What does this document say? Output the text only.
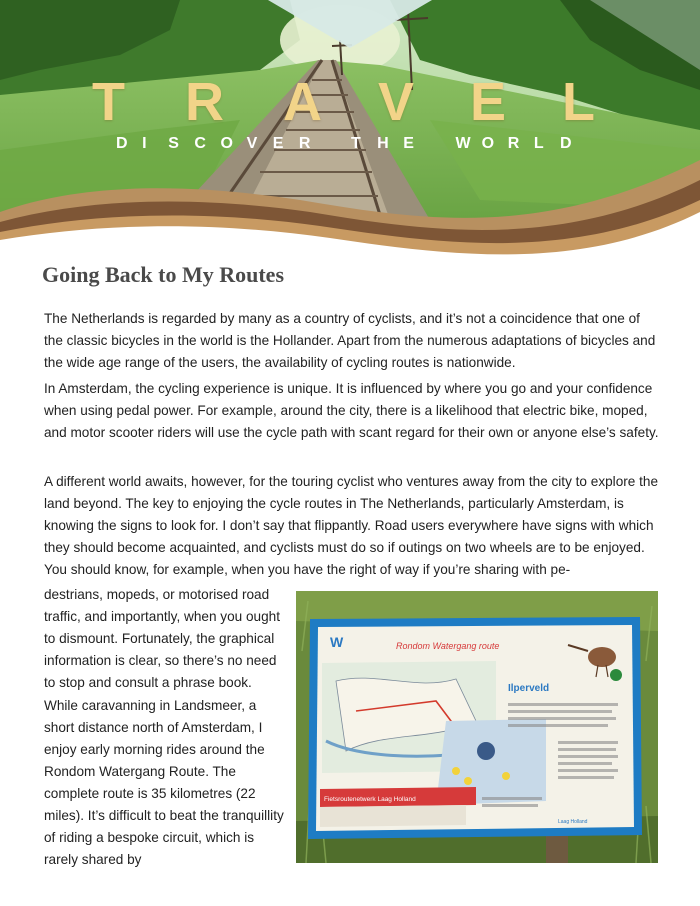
T R A V E L
D I S C O V E R	T H E	W O R L D
Going Back to My Routes

The Netherlands is regarded by many as a country of cyclists, and it’s not a coincidence that one of the classic bicycles in the world is the Hollander. Apart from the numerous adaptations of bicycles and the wide age range of the users, the availability of cycling routes is nationwide.

In Amsterdam, the cycling experience is unique. It is influenced by where you go and your confidence when using pedal power. For example, around the city, there is a likelihood that electric bike, moped, and motor scooter riders will use the cycle path with scant regard for their own or anyone else’s safety.

A different world awaits, however, for the touring cyclist who ventures away from the city to explore the land beyond. The key to enjoying the cycle routes in The Netherlands, particularly Amsterdam, is knowing the signs to look for. I don’t say that flippantly. Road users everywhere have signs with which they should become acquainted, and cyclists must do so if outings on two wheels are to be enjoyed. You should know, for example, when you have the right of way if you’re sharing with pe-

destrians, mopeds, or motorised road traffic, and importantly, when you ought to dismount. Fortunately, the graphical information is clear, so there’s no need to stop and consult a phrase book.

While caravanning in Landsmeer, a short distance north of Amsterdam, I enjoy early morning rides around the Rondom Watergang Route. The complete route is 35 kilometres (22 miles). It’s difficult to beat the tranquillity of riding a bespoke circuit, which is rarely shared by

W	Rondom Watergang route
Ilperveld
Fietsroutenetwerk Laag Holland
Laag Holland
